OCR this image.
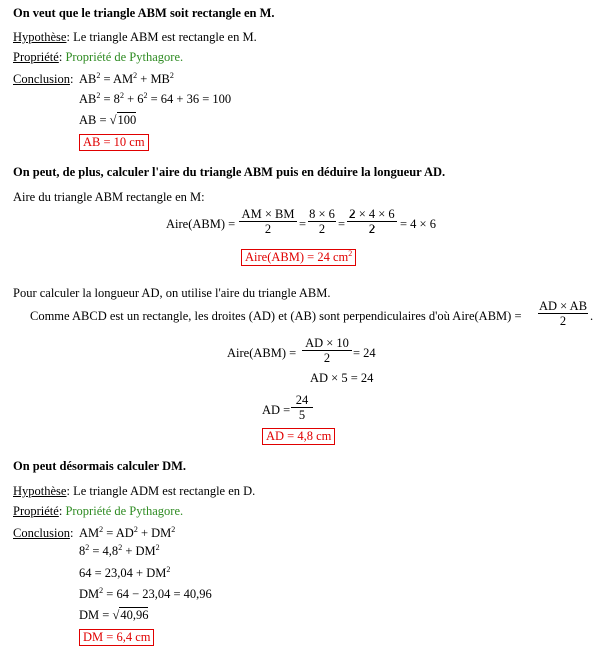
On veut que le triangle ABM soit rectangle en M.
Hypothèse: Le triangle ABM est rectangle en M.
Propriété: Propriété de Pythagore.
Conclusion: $AB^2 = AM^2 + MB^2$
$AB^2 = 8^2 + 6^2 = 64 + 36 = 100$
AB = √100
AB = 10 cm
On peut, de plus, calculer l'aire du triangle ABM puis en déduire la longueur AD.
Aire du triangle ABM rectangle en M:
Aire(ABM) = $\frac{AM \times BM}{2} = \frac{8 \times 6}{2} = \frac{2 \times 4 \times 6}{2} = 4 \times 6$
Aire(ABM) = 24 $cm^2$
Pour calculer la longueur AD, on utilise l'aire du triangle ABM.
Comme ABCD est un rectangle, les droites (AD) et (AB) sont perpendiculaires d'où Aire(ABM) = $\frac{AD \times AB}{2}$ .
Aire(ABM) = $\frac{AD \times 10}{2} = 24$
AD × 5 = 24
AD = $\frac{24}{5}$
AD = 4,8 cm
On peut désormais calculer DM.
Hypothèse: Le triangle ADM est rectangle en D.
Propriété: Propriété de Pythagore.
Conclusion: $AM^2 = AD^2 + DM^2$
$8^2 = 4,8^2 + DM^2$
$64 = 23,04 + DM^2$
$DM^2 = 64 - 23,04 = 40,96$
DM = √40,96
DM = 6,4 cm
